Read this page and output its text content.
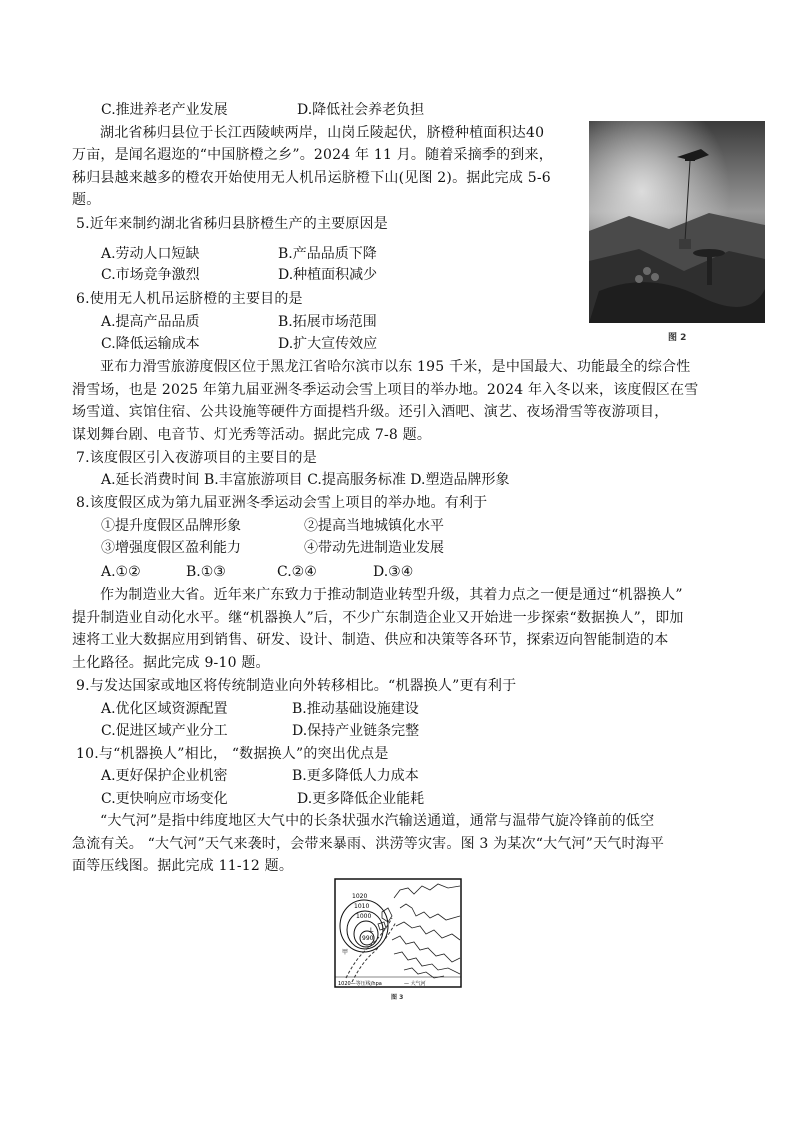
C.推进养老产业发展	D.降低社会养老负担
湖北省秭归县位于长江西陵峡两岸，山岗丘陵起伏，脐橙种植面积达40
万亩，是闻名遐迩的“中国脐橙之乡”。2024 年 11 月。随着采摘季的到来，
秭归县越来越多的橙农开始使用无人机吊运脐橙下山(见图 2)。据此完成 5-6
题。
图 2
5.近年来制约湖北省秭归县脐橙生产的主要原因是
A.劳动人口短缺	B.产品品质下降
C.市场竞争激烈	D.种植面积减少
6.使用无人机吊运脐橙的主要目的是
A.提高产品品质	B.拓展市场范围
C.降低运输成本	D.扩大宣传效应
亚布力滑雪旅游度假区位于黑龙江省哈尔滨市以东 195 千米，是中国最大、功能最全的综合性
滑雪场，也是 2025 年第九届亚洲冬季运动会雪上项目的举办地。2024 年入冬以来，该度假区在雪
场雪道、宾馆住宿、公共设施等硬件方面提档升级。还引入酒吧、演艺、夜场滑雪等夜游项目，
谋划舞台剧、电音节、灯光秀等活动。据此完成 7-8 题。
7.该度假区引入夜游项目的主要目的是
A.延长消费时间 B.丰富旅游项目 C.提高服务标准 D.塑造品牌形象
8.该度假区成为第九届亚洲冬季运动会雪上项目的举办地。有利于
①提升度假区品牌形象	②提高当地城镇化水平
③增强度假区盈利能力	④带动先进制造业发展
A.①②	B.①③	C.②④	D.③④
作为制造业大省。近年来广东致力于推动制造业转型升级，其着力点之一便是通过“机器换人”
提升制造业自动化水平。继“机器换人”后，不少广东制造企业又开始进一步探索“数据换人”，即加
速将工业大数据应用到销售、研发、设计、制造、供应和决策等各环节，探索迈向智能制造的本
土化路径。据此完成 9-10 题。
9.与发达国家或地区将传统制造业向外转移相比。“机器换人”更有利于
A.优化区域资源配置	B.推动基础设施建设
C.促进区域产业分工	D.保持产业链条完整
10.与“机器换人”相比， “数据换人”的突出优点是
A.更好保护企业机密	B.更多降低人力成本
C.更快响应市场变化	D.更多降低企业能耗
“大气河”是指中纬度地区大气中的长条状强水汽输送通道，通常与温带气旋冷锋前的低空
急流有关。 “大气河”天气来袭时，会带来暴雨、洪涝等灾害。图 3 为某次“大气河”天气时海平
面等压线图。据此完成 11-12 题。
1020
1010
1000
990
L
甲
1020—等压线/hpa	— 大气河
图 3
